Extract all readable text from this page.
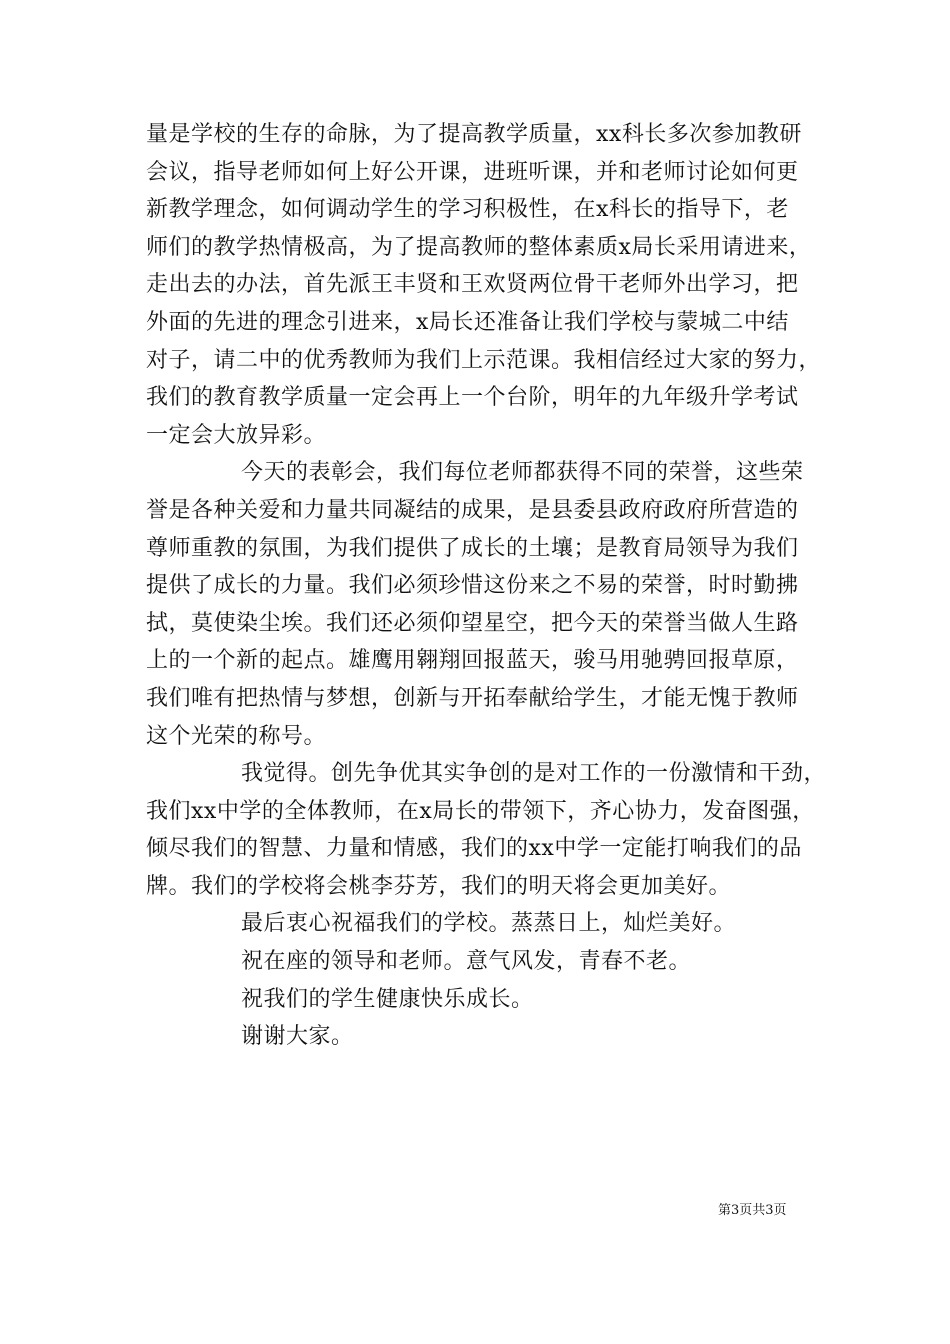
量是学校的生存的命脉，为了提高教学质量，xx科长多次参加教研
会议，指导老师如何上好公开课，进班听课，并和老师讨论如何更
新教学理念，如何调动学生的学习积极性，在x科长的指导下，老
师们的教学热情极高，为了提高教师的整体素质x局长采用请进来，
走出去的办法，首先派王丰贤和王欢贤两位骨干老师外出学习，把
外面的先进的理念引进来，x局长还准备让我们学校与蒙城二中结
对子，请二中的优秀教师为我们上示范课。我相信经过大家的努力，
我们的教育教学质量一定会再上一个台阶，明年的九年级升学考试
一定会大放异彩。
今天的表彰会，我们每位老师都获得不同的荣誉，这些荣
誉是各种关爱和力量共同凝结的成果，是县委县政府政府所营造的
尊师重教的氛围，为我们提供了成长的土壤；是教育局领导为我们
提供了成长的力量。我们必须珍惜这份来之不易的荣誉，时时勤拂
拭，莫使染尘埃。我们还必须仰望星空，把今天的荣誉当做人生路
上的一个新的起点。雄鹰用翱翔回报蓝天，骏马用驰骋回报草原，
我们唯有把热情与梦想，创新与开拓奉献给学生，才能无愧于教师
这个光荣的称号。
我觉得。创先争优其实争创的是对工作的一份激情和干劲，
我们xx中学的全体教师，在x局长的带领下，齐心协力，发奋图强，
倾尽我们的智慧、力量和情感，我们的xx中学一定能打响我们的品
牌。我们的学校将会桃李芬芳，我们的明天将会更加美好。
最后衷心祝福我们的学校。蒸蒸日上，灿烂美好。
祝在座的领导和老师。意气风发，青春不老。
祝我们的学生健康快乐成长。
谢谢大家。
第3页共3页
